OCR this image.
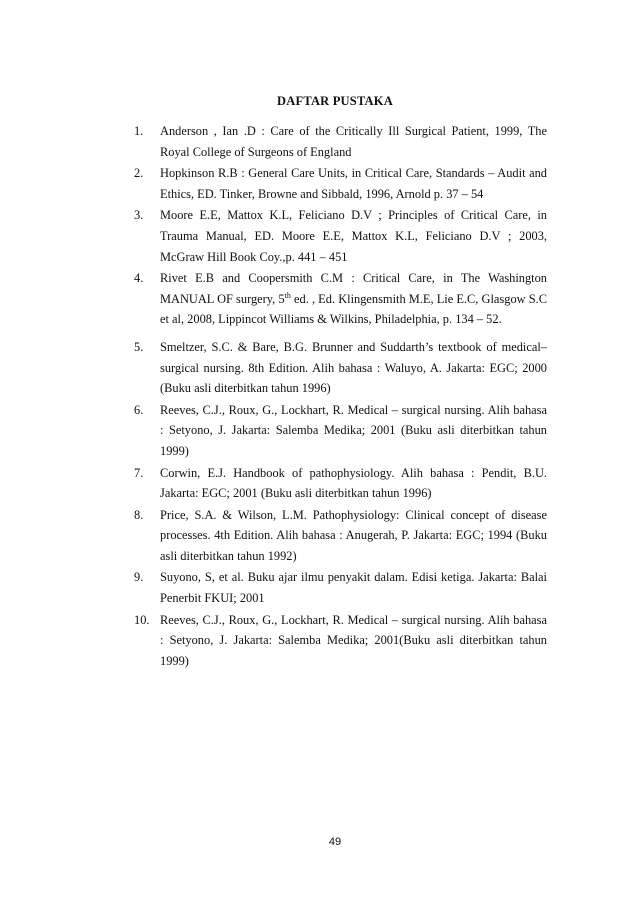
DAFTAR PUSTAKA
1. Anderson , Ian .D : Care of the Critically Ill Surgical Patient, 1999, The Royal College of Surgeons of England
2. Hopkinson R.B : General Care Units, in Critical Care, Standards – Audit and Ethics, ED. Tinker, Browne and Sibbald, 1996, Arnold p. 37 – 54
3. Moore E.E, Mattox K.L, Feliciano D.V ; Principles of Critical Care, in Trauma Manual, ED. Moore E.E, Mattox K.L, Feliciano D.V ; 2003, McGraw Hill Book Coy.,p. 441 – 451
4. Rivet E.B and Coopersmith C.M : Critical Care, in The Washington MANUAL OF surgery, 5th ed. , Ed. Klingensmith M.E, Lie E.C, Glasgow S.C et al, 2008, Lippincot Williams & Wilkins, Philadelphia, p. 134 – 52.
5. Smeltzer, S.C. & Bare, B.G. Brunner and Suddarth’s textbook of medical–surgical nursing. 8th Edition. Alih bahasa : Waluyo, A. Jakarta: EGC; 2000 (Buku asli diterbitkan tahun 1996)
6. Reeves, C.J., Roux, G., Lockhart, R. Medical – surgical nursing. Alih bahasa : Setyono, J. Jakarta: Salemba Medika; 2001 (Buku asli diterbitkan tahun 1999)
7. Corwin, E.J. Handbook of pathophysiology. Alih bahasa : Pendit, B.U. Jakarta: EGC; 2001 (Buku asli diterbitkan tahun 1996)
8. Price, S.A. & Wilson, L.M. Pathophysiology: Clinical concept of disease processes. 4th Edition. Alih bahasa : Anugerah, P. Jakarta: EGC; 1994 (Buku asli diterbitkan tahun 1992)
9. Suyono, S, et al. Buku ajar ilmu penyakit dalam. Edisi ketiga. Jakarta: Balai Penerbit FKUI; 2001
10. Reeves, C.J., Roux, G., Lockhart, R. Medical – surgical nursing. Alih bahasa : Setyono, J. Jakarta: Salemba Medika; 2001(Buku asli diterbitkan tahun 1999)
49
